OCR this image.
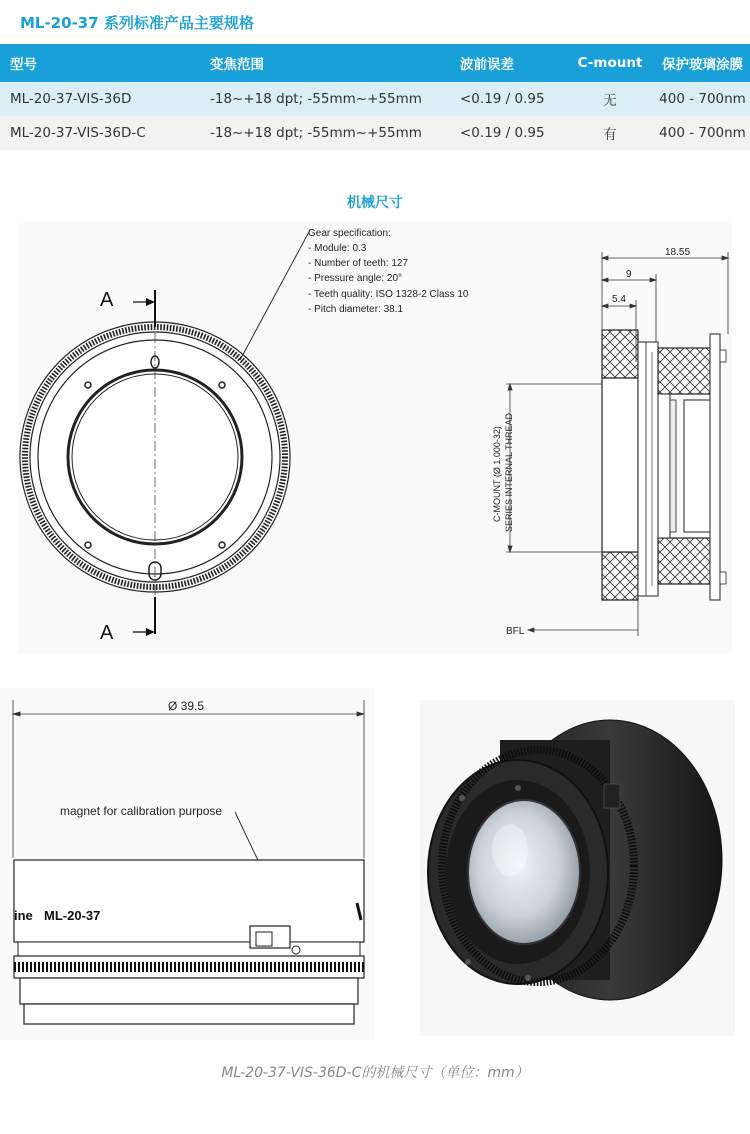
ML-20-37 系列标准产品主要规格
型号	变焦范围	波前误差	C-mount	保护玻璃涂膜
ML-20-37-VIS-36D	-18~+18 dpt; -55mm~+55mm	<0.19 / 0.95	无	400 - 700nm
ML-20-37-VIS-36D-C	-18~+18 dpt; -55mm~+55mm	<0.19 / 0.95	有	400 - 700nm
机械尺寸
A
A
Gear specification:
- Module: 0.3
- Number of teeth: 127
- Pressure angle: 20°
- Teeth quality: ISO 1328-2 Class 10
- Pitch diameter: 38.1
18.55
9
5.4
C-MOUNT (Ø 1.000-32) SERIES INTERNAL THREAD
BFL
Ø 39.5
magnet for calibration purpose
ine ML-20-37
ML-20-37-VIS-36D-C的机械尺寸（单位：mm）
